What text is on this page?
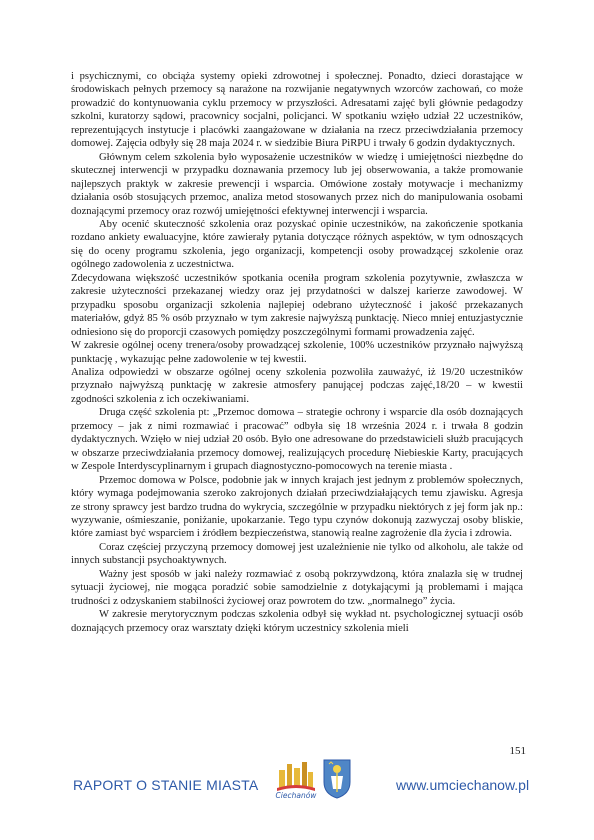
i psychicznymi, co obciąża systemy opieki zdrowotnej i społecznej. Ponadto, dzieci dorastające w środowiskach pełnych przemocy są narażone na rozwijanie negatywnych wzorców zachowań, co może prowadzić do kontynuowania cyklu przemocy w przyszłości. Adresatami zajęć byli głównie pedagodzy szkolni, kuratorzy sądowi, pracownicy socjalni, policjanci. W spotkaniu wzięło udział 22 uczestników, reprezentujących instytucje i placówki zaangażowane w działania na rzecz przeciwdziałania przemocy domowej. Zajęcia odbyły się 28 maja 2024 r. w siedzibie Biura PiRPU i trwały 6 godzin dydaktycznych.

Głównym celem szkolenia było wyposażenie uczestników w wiedzę i umiejętności niezbędne do skutecznej interwencji w przypadku doznawania przemocy lub jej obserwowania, a także promowanie najlepszych praktyk w zakresie prewencji i wsparcia. Omówione zostały motywacje i mechanizmy działania osób stosujących przemoc, analiza metod stosowanych przez nich do manipulowania osobami doznającymi przemocy oraz rozwój umiejętności efektywnej interwencji i wsparcia.

Aby ocenić skuteczność szkolenia oraz pozyskać opinie uczestników, na zakończenie spotkania rozdano ankiety ewaluacyjne, które zawierały pytania dotyczące różnych aspektów, w tym odnoszących się do oceny programu szkolenia, jego organizacji, kompetencji osoby prowadzącej szkolenie oraz ogólnego zadowolenia z uczestnictwa.

Zdecydowana większość uczestników spotkania oceniła program szkolenia pozytywnie, zwłaszcza w zakresie użyteczności przekazanej wiedzy oraz jej przydatności w dalszej karierze zawodowej. W przypadku sposobu organizacji szkolenia najlepiej odebrano użyteczność i jakość przekazanych materiałów, gdyż 85 % osób przyznało w tym zakresie najwyższą punktację. Nieco mniej entuzjastycznie odniesiono się do proporcji czasowych pomiędzy poszczególnymi formami prowadzenia zajęć.

W zakresie ogólnej oceny trenera/osoby prowadzącej szkolenie, 100% uczestników przyznało najwyższą punktację , wykazując pełne zadowolenie w tej kwestii.

Analiza odpowiedzi w obszarze ogólnej oceny szkolenia pozwoliła zauważyć, iż 19/20 uczestników przyznało najwyższą punktację w zakresie atmosfery panującej podczas zajęć,18/20 – w kwestii zgodności szkolenia z ich oczekiwaniami.

Druga część szkolenia pt: „Przemoc domowa – strategie ochrony i wsparcie dla osób doznających przemocy – jak z nimi rozmawiać i pracować” odbyła się 18 września 2024 r. i trwała 8 godzin dydaktycznych. Wzięło w niej udział 20 osób. Było one adresowane do przedstawicieli służb pracujących w obszarze przeciwdziałania przemocy domowej, realizujących procedurę Niebieskie Karty, pracujących w Zespole Interdyscyplinarnym i grupach diagnostyczno-pomocowych na terenie miasta .

Przemoc domowa w Polsce, podobnie jak w innych krajach jest jednym z problemów społecznych, który wymaga podejmowania szeroko zakrojonych działań przeciwdziałających temu zjawisku. Agresja ze strony sprawcy jest bardzo trudna do wykrycia, szczególnie w przypadku niektórych z jej form jak np.: wyzywanie, ośmieszanie, poniżanie, upokarzanie. Tego typu czynów dokonują zazwyczaj osoby bliskie, które zamiast być wsparciem i źródłem bezpieczeństwa, stanowią realne zagrożenie dla życia i zdrowia.

Coraz częściej przyczyną przemocy domowej jest uzależnienie nie tylko od alkoholu, ale także od innych substancji psychoaktywnych.

Ważny jest sposób w jaki należy rozmawiać z osobą pokrzywdzoną, która znalazła się w trudnej sytuacji życiowej, nie mogąca poradzić sobie samodzielnie z dotykającymi ją problemami i mająca trudności z odzyskaniem stabilności życiowej oraz powrotem do tzw. „normalnego” życia.

W zakresie merytorycznym podczas szkolenia odbył się wykład nt. psychologicznej sytuacji osób doznających przemocy oraz warsztaty dzięki którym uczestnicy szkolenia mieli

151
RAPORT O STANIE MIASTA
Ciechanów
www.umciechanow.pl
